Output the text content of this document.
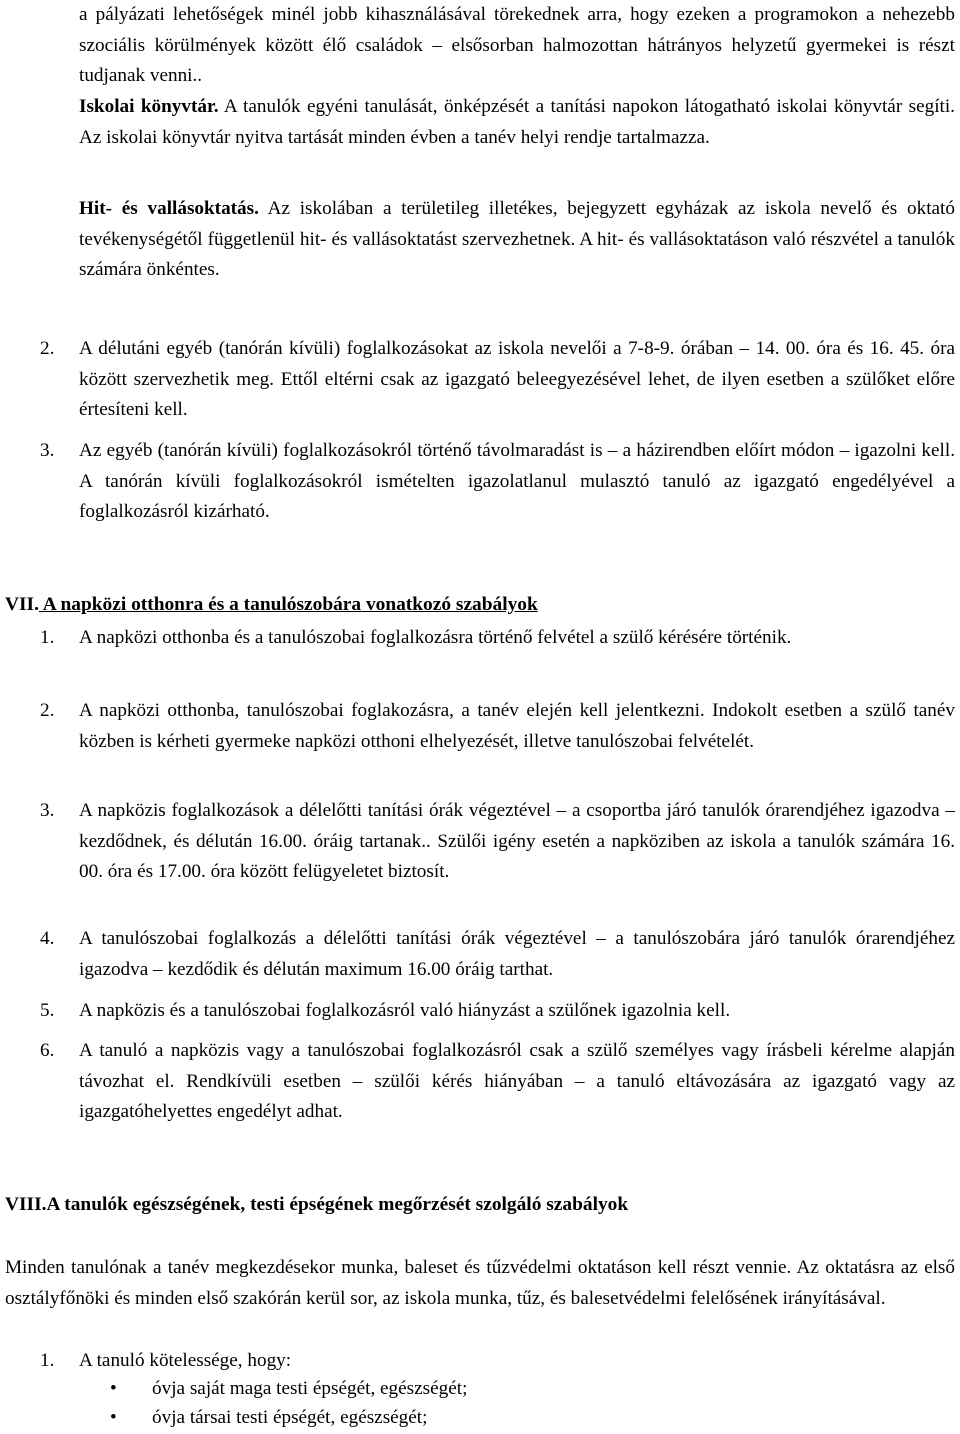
a pályázati lehetőségek minél jobb kihasználásával törekednek arra, hogy ezeken a programokon a nehezebb szociális körülmények között élő családok – elsősorban halmozottan hátrányos helyzetű gyermekei is részt tudjanak venni..

Iskolai könyvtár. A tanulók egyéni tanulását, önképzését a tanítási napokon látogatható iskolai könyvtár segíti. Az iskolai könyvtár nyitva tartását minden évben a tanév helyi rendje tartalmazza.

Hit- és vallásoktatás. Az iskolában a területileg illetékes, bejegyzett egyházak az iskola nevelő és oktató tevékenységétől függetlenül hit- és vallásoktatást szervezhetnek. A hit- és vallásoktatáson való részvétel a tanulók számára önkéntes.

2. A délutáni egyéb (tanórán kívüli) foglalkozásokat az iskola nevelői a 7-8-9. órában – 14. 00. óra és 16. 45. óra között szervezhetik meg. Ettől eltérni csak az igazgató beleegyezésével lehet, de ilyen esetben a szülőket előre értesíteni kell.

3. Az egyéb (tanórán kívüli) foglalkozásokról történő távolmaradást is – a házirendben előírt módon – igazolni kell. A tanórán kívüli foglalkozásokról ismételten igazolatlanul mulasztó tanuló az igazgató engedélyével a foglalkozásról kizárható.

VII. A napközi otthonra és a tanulószobára vonatkozó szabályok

1. A napközi otthonba és a tanulószobai foglalkozásra történő felvétel a szülő kérésére történik.

2. A napközi otthonba, tanulószobai foglakozásra, a tanév elején kell jelentkezni. Indokolt esetben a szülő tanév közben is kérheti gyermeke napközi otthoni elhelyezését, illetve tanulószobai felvételét.

3. A napközis foglalkozások a délelőtti tanítási órák végeztével – a csoportba járó tanulók órarendjéhez igazodva – kezdődnek, és délután 16.00. óráig tartanak.. Szülői igény esetén a napköziben az iskola a tanulók számára 16. 00. óra és 17.00. óra között felügyeletet biztosít.

4. A tanulószobai foglalkozás a délelőtti tanítási órák végeztével – a tanulószobára járó tanulók órarendjéhez igazodva – kezdődik és délután maximum 16.00 óráig tarthat.

5. A napközis és a tanulószobai foglalkozásról való hiányzást a szülőnek igazolnia kell.

6. A tanuló a napközis vagy a tanulószobai foglalkozásról csak a szülő személyes vagy írásbeli kérelme alapján távozhat el. Rendkívüli esetben – szülői kérés hiányában – a tanuló eltávozására az igazgató vagy az igazgatóhelyettes engedélyt adhat.

VIII.A tanulók egészségének, testi épségének megőrzését szolgáló szabályok

Minden tanulónak a tanév megkezdésekor munka, baleset és tűzvédelmi oktatáson kell részt vennie. Az oktatásra az első osztályfőnöki és minden első szakórán kerül sor, az iskola munka, tűz, és balesetvédelmi felelősének irányításával.

1. A tanuló kötelessége, hogy:

•	óvja saját maga testi épségét, egészségét;
•	óvja társai testi épségét, egészségét;
